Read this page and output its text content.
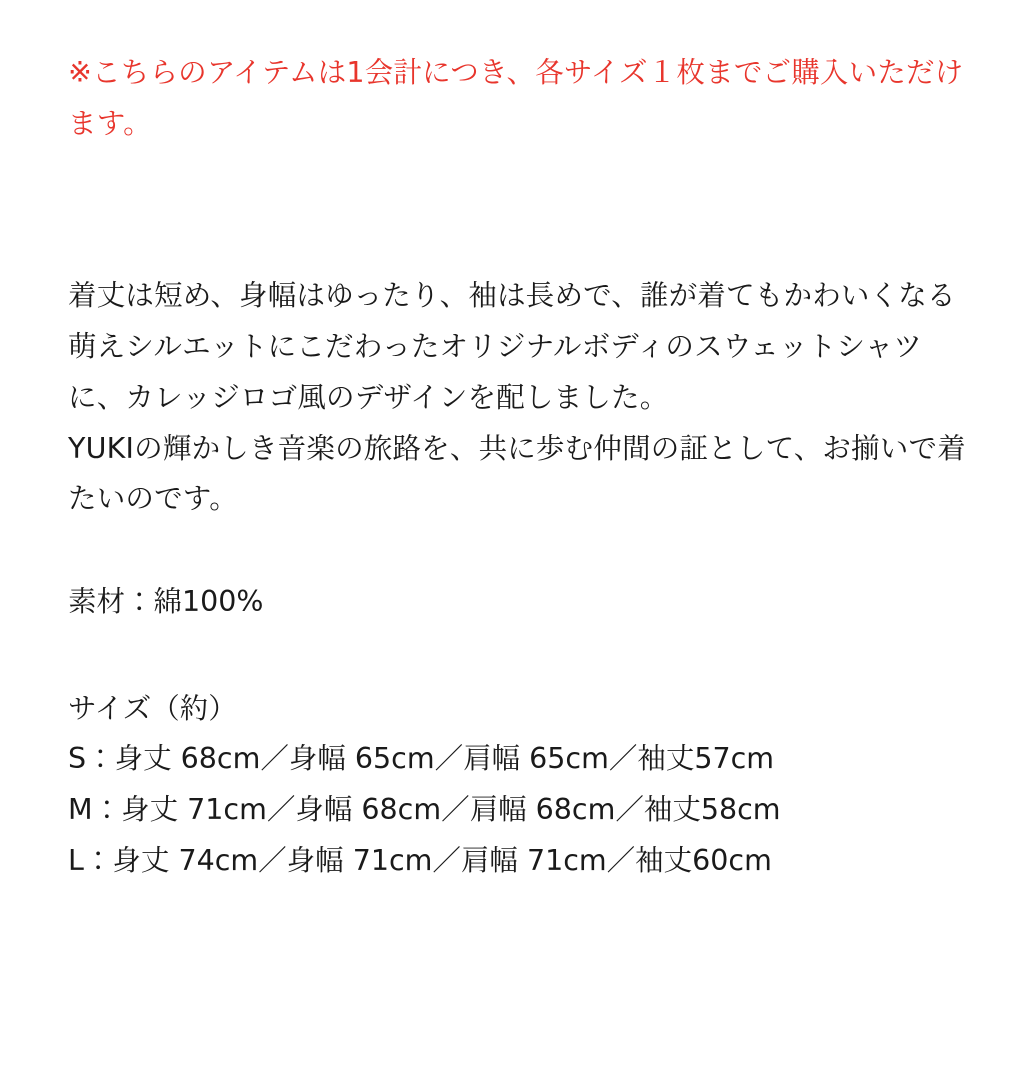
※こちらのアイテムは1会計につき、各サイズ１枚までご購入いただけます。

着丈は短め、身幅はゆったり、袖は長めで、誰が着てもかわいくなる萌えシルエットにこだわったオリジナルボディのスウェットシャツに、カレッジロゴ風のデザインを配しました。

YUKIの輝かしき音楽の旅路を、共に歩む仲間の証として、お揃いで着たいのです。

素材：綿100%

サイズ（約）

S：身丈 68cm／身幅 65cm／肩幅 65cm／袖丈57cm

M：身丈 71cm／身幅 68cm／肩幅 68cm／袖丈58cm

L：身丈 74cm／身幅 71cm／肩幅 71cm／袖丈60cm
